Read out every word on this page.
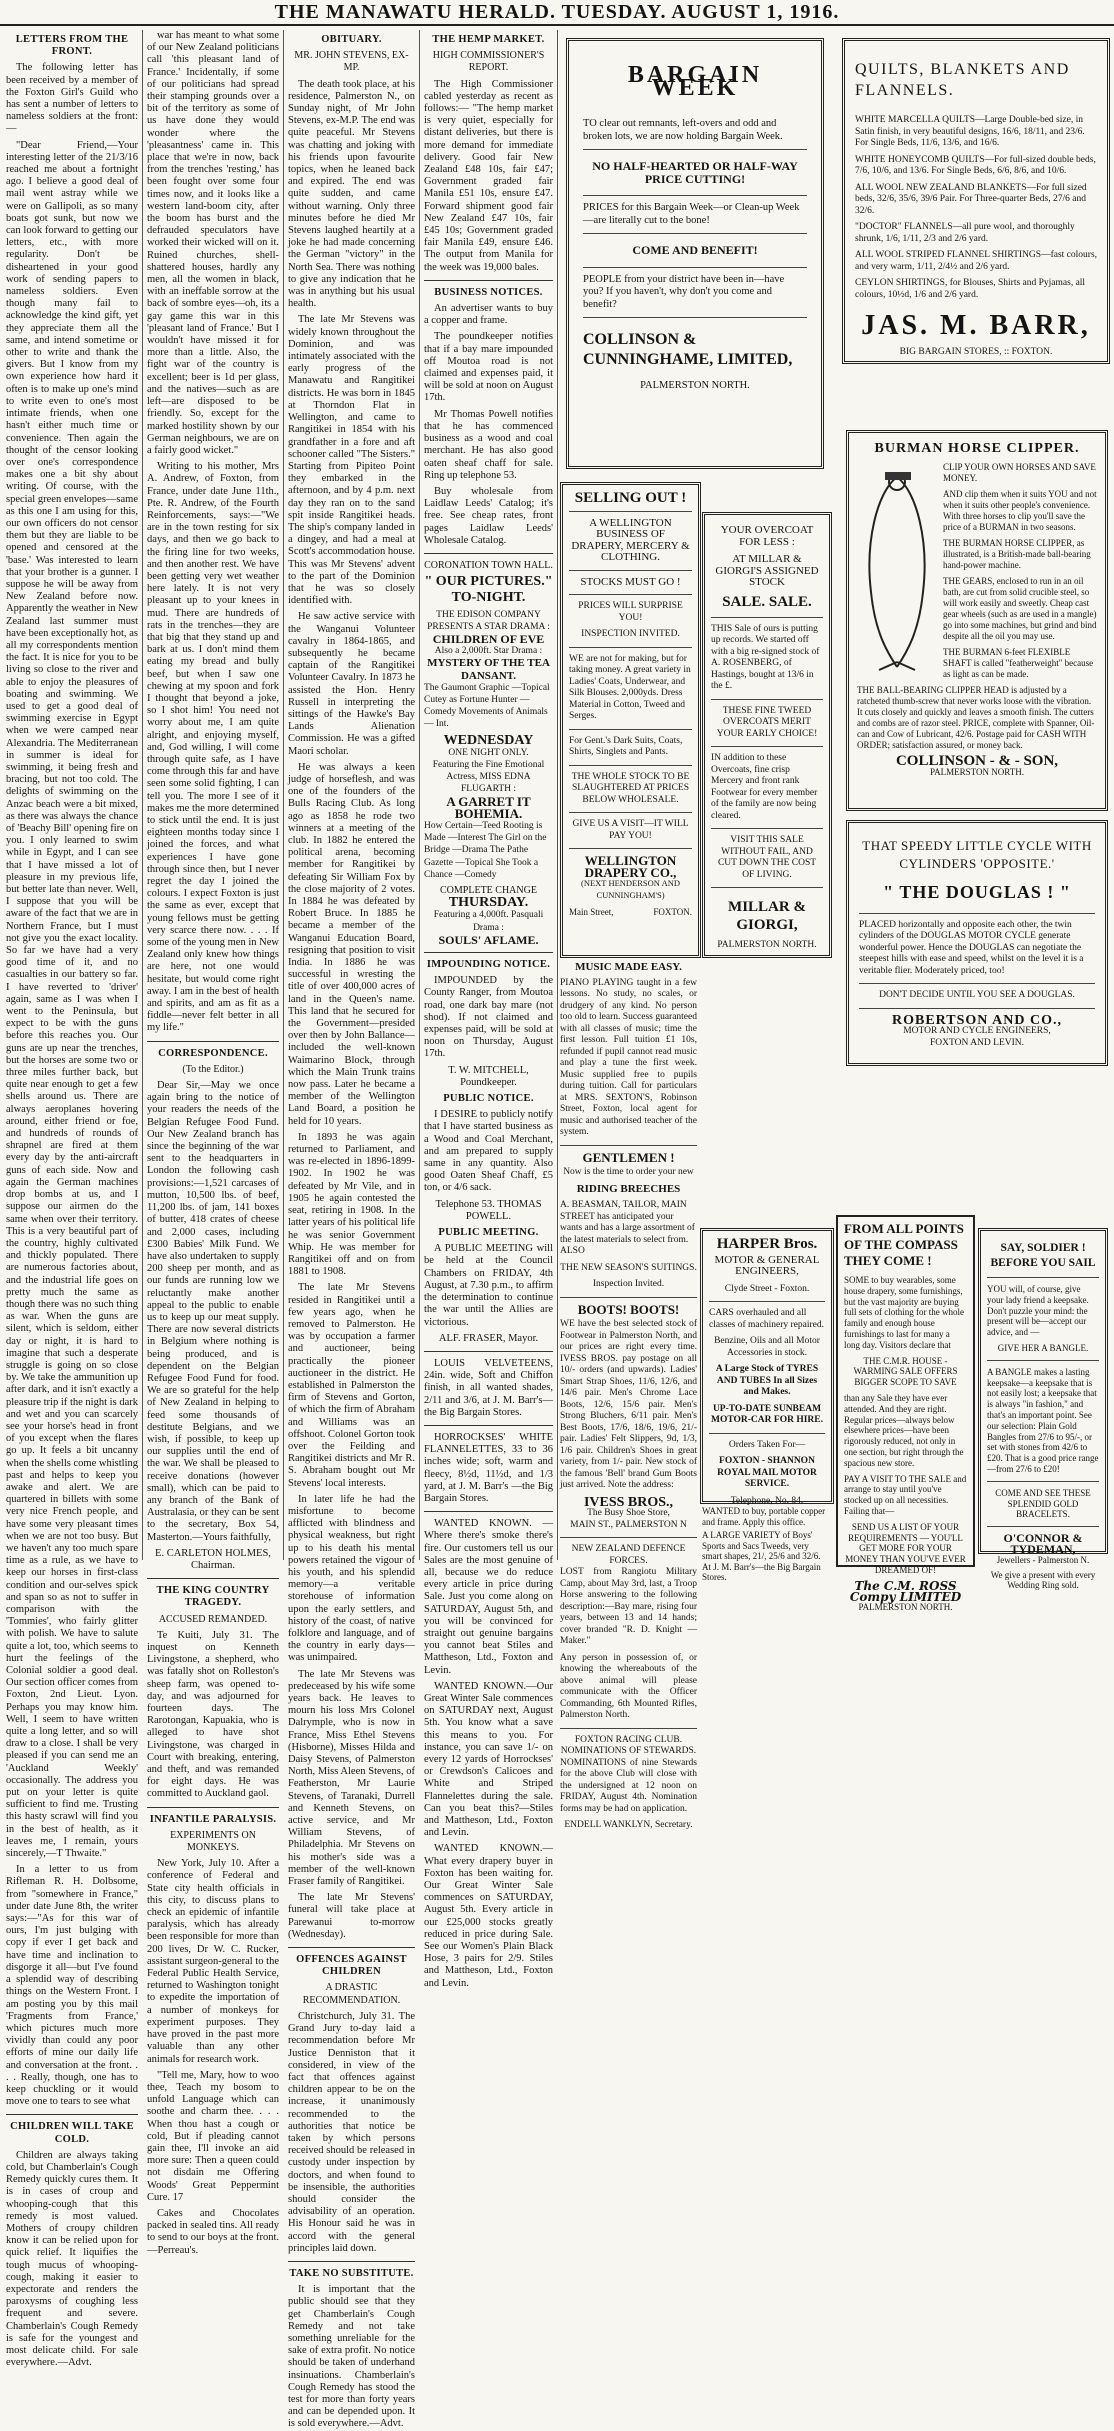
THE MANAWATU HERALD. TUESDAY. AUGUST 1, 1916.
LETTERS FROM THE FRONT.

The following letter has been received by a member of the Foxton Girl's Guild who has sent a number of letters to nameless soldiers at the front:—

"Dear Friend,—Your interesting letter of the 21/3/16 reached me about a fortnight ago. I believe a good deal of mail went astray while we were on Gallipoli, as so many boats got sunk, but now we can look forward to getting our letters, etc., with more regularity. Don't be disheartened in your good work of sending papers to nameless soldiers. Even though many fail to acknowledge the kind gift, yet they appreciate them all the same, and intend sometime or other to write and thank the givers. But I know from my own experience how hard it often is to make up one's mind to write even to one's most intimate friends, when one hasn't either much time or convenience. Then again the thought of the censor looking over one's correspondence makes one a bit shy about writing. Of course, with the special green envelopes—same as this one I am using for this, our own officers do not censor them but they are liable to be opened and censored at the 'base.' Was interested to learn that your brother is a gunner. I suppose he will be away from New Zealand before now. Apparently the weather in New Zealand last summer must have been exceptionally hot, as all my correspondents mention the fact. It is nice for you to be living so close to the river and able to enjoy the pleasures of boating and swimming. We used to get a good deal of swimming exercise in Egypt when we were camped near Alexandria. The Mediterranean in summer is ideal for swimming, it being fresh and bracing, but not too cold. The delights of swimming on the Anzac beach were a bit mixed, as there was always the chance of 'Beachy Bill' opening fire on you. I only learned to swim while in Egypt, and I can see that I have missed a lot of pleasure in my previous life, but better late than never. Well, I suppose that you will be aware of the fact that we are in Northern France, but I must not give you the exact locality. So far we have had a very good time of it, and no casualties in our battery so far. I have reverted to 'driver' again, same as I was when I went to the Peninsula, but expect to be with the guns before this reaches you. Our guns are up near the trenches, but the horses are some two or three miles further back, but quite near enough to get a few shells around us. There are always aeroplanes hovering around, either friend or foe, and hundreds of rounds of shrapnel are fired at them every day by the anti-aircraft guns of each side. Now and again the German machines drop bombs at us, and I suppose our airmen do the same when over their territory. This is a very beautiful part of the country, highly cultivated and thickly populated. There are numerous factories about, and the industrial life goes on pretty much the same as though there was no such thing as war. When the guns are silent, which is seldom, either day or night, it is hard to imagine that such a desperate struggle is going on so close by. We take the ammunition up after dark, and it isn't exactly a pleasure trip if the night is dark and wet and you can scarcely see your horse's head in front of you except when the flares go up. It feels a bit uncanny when the shells come whistling past and helps to keep you awake and alert. We are quartered in billets with some very nice French people, and have some very pleasant times when we are not too busy. But we haven't any too much spare time as a rule, as we have to keep our horses in first-class condition and our-selves spick and span so as not to suffer in comparison with the 'Tommies', who fairly glitter with polish. We have to salute quite a lot, too, which seems to hurt the feelings of the Colonial soldier a good deal. Our section officer comes from Foxton, 2nd Lieut. Lyon. Perhaps you may know him. Well, I seem to have written quite a long letter, and so will draw to a close. I shall be very pleased if you can send me an 'Auckland Weekly' occasionally. The address you put on your letter is quite sufficient to find me. Trusting this hasty scrawl will find you in the best of health, as it leaves me, I remain, yours sincerely,—T Thwaite."

In a letter to us from Rifleman R. H. Dolbsome, from "somewhere in France," under date June 8th, the writer says:—"As for this war of ours, I'm just bulging with copy if ever I get back and have time and inclination to disgorge it all—but I've found a splendid way of describing things on the Western Front. I am posting you by this mail 'Fragments from France,' which pictures much more vividly than could any poor efforts of mine our daily life and conversation at the front. . . . Really, though, one has to keep chuckling or it would move one to tears to see what

CHILDREN WILL TAKE COLD.

Children are always taking cold, but Chamberlain's Cough Remedy quickly cures them. It is in cases of croup and whooping-cough that this remedy is most valued. Mothers of croupy children know it can be relied upon for quick relief. It liquifies the tough mucus of whooping-cough, making it easier to expectorate and renders the paroxysms of coughing less frequent and severe. Chamberlain's Cough Remedy is safe for the youngest and most delicate child. For sale everywhere.—Advt.

war has meant to what some of our New Zealand politicians call 'this pleasant land of France.' Incidentally, if some of our politicians had spread their stamping grounds over a bit of the territory as some of us have done they would wonder where the 'pleasantness' came in. This place that we're in now, back from the trenches 'resting,' has been fought over some four times now, and it looks like a western land-boom city, after the boom has burst and the defrauded speculators have worked their wicked will on it. Ruined churches, shell-shattered houses, hardly any men, all the women in black, with an ineffable sorrow at the back of sombre eyes—oh, its a gay game this war in this 'pleasant land of France.' But I wouldn't have missed it for more than a little. Also, the fight war of the country is excellent; beer is 1d per glass, and the natives—such as are left—are disposed to be friendly. So, except for the marked hostility shown by our German neighbours, we are on a fairly good wicket."

Writing to his mother, Mrs A. Andrew, of Foxton, from France, under date June 11th., Pte. R. Andrew, of the Fourth Reinforcements, says:—"We are in the town resting for six days, and then we go back to the firing line for two weeks, and then another rest. We have been getting very wet weather here lately. It is not very pleasant up to your knees in mud. There are hundreds of rats in the trenches—they are that big that they stand up and bark at us. I don't mind them eating my bread and bully beef, but when I saw one chewing at my spoon and fork I thought that beyond a joke, so I shot him! You need not worry about me, I am quite alright, and enjoying myself, and, God willing, I will come through quite safe, as I have come through this far and have seen some solid fighting, I can tell you. The more I see of it makes me the more determined to stick until the end. It is just eighteen months today since I joined the forces, and what experiences I have gone through since then, but I never regret the day I joined the colours. I expect Foxton is just the same as ever, except that young fellows must be getting very scarce there now. . . . If some of the young men in New Zealand only knew how things are here, not one would hesitate, but would come right away. I am in the best of health and spirits, and am as fit as a fiddle—never felt better in all my life."

CORRESPONDENCE.
(To the Editor.)

Dear Sir,—May we once again bring to the notice of your readers the needs of the Belgian Refugee Food Fund. Our New Zealand branch has since the beginning of the war sent to the headquarters in London the following cash provisions:—1,521 carcases of mutton, 10,500 lbs. of beef, 11,200 lbs. of jam, 141 boxes of butter, 418 crates of cheese and 2,000 cases, including £300 Babies' Milk Fund. We have also undertaken to supply 200 sheep per month, and as our funds are running low we reluctantly make another appeal to the public to enable us to keep up our meat supply. There are now several districts in Belgium where nothing is being produced, and is dependent on the Belgian Refugee Food Fund for food. We are so grateful for the help of New Zealand in helping to feed some thousands of destitute Belgians, and we wish, if possible, to keep up our supplies until the end of the war. We shall be pleased to receive donations (however small), which can be paid to any branch of the Bank of Australasia, or they can be sent to the secretary, Box 54, Masterton.—Yours faithfully,

E. CARLETON HOLMES, Chairman.
THE KING COUNTRY TRAGEDY.
ACCUSED REMANDED.

Te Kuiti, July 31. The inquest on Kenneth Livingstone, a shepherd, who was fatally shot on Rolleston's sheep farm, was opened to-day, and was adjourned for fourteen days. The Rarotongan, Kapuakia, who is alleged to have shot Livingstone, was charged in Court with breaking, entering, and theft, and was remanded for eight days. He was committed to Auckland gaol.

INFANTILE PARALYSIS.
EXPERIMENTS ON MONKEYS.

New York, July 10. After a conference of Federal and State city health officials in this city, to discuss plans to check an epidemic of infantile paralysis, which has already been responsible for more than 200 lives, Dr W. C. Rucker, assistant surgeon-general to the Federal Public Health Service, returned to Washington tonight to expedite the importation of a number of monkeys for experiment purposes. They have proved in the past more valuable than any other animals for research work.

"Tell me, Mary, how to woo thee, Teach my bosom to unfold Language which can soothe and charm thee. . . . When thou hast a cough or cold, But if pleading cannot gain thee, I'll invoke an aid more sure: Then a queen could not disdain me Offering Woods' Great Peppermint Cure. 17

Cakes and Chocolates packed in sealed tins. All ready to send to our boys at the front.—Perreau's.

OBITUARY.
MR. JOHN STEVENS, EX-MP.

The death took place, at his residence, Palmerston N., on Sunday night, of Mr John Stevens, ex-M.P. The end was quite peaceful. Mr Stevens was chatting and joking with his friends upon favourite topics, when he leaned back and expired. The end was quite sudden, and came without warning. Only three minutes before he died Mr Stevens laughed heartily at a joke he had made concerning the German "victory" in the North Sea. There was nothing to give any indication that he was in anything but his usual health.

The late Mr Stevens was widely known throughout the Dominion, and was intimately associated with the early progress of the Manawatu and Rangitikei districts. He was born in 1845 at Thorndon Flat in Wellington, and came to Rangitikei in 1854 with his grandfather in a fore and aft schooner called "The Sisters." Starting from Pipiteo Point they embarked in the afternoon, and by 4 p.m. next day they ran on to the sand spit inside Rangitikei heads. The ship's company landed in a dingey, and had a meal at Scott's accommodation house. This was Mr Stevens' advent to the part of the Dominion that he was so closely identified with.

He saw active service with the Wanganui Volunteer cavalry in 1864-1865, and subsequently he became captain of the Rangitikei Volunteer Cavalry. In 1873 he assisted the Hon. Henry Russell in interpreting the sittings of the Hawke's Bay Lands Alienation Commission. He was a gifted Maori scholar.

He was always a keen judge of horseflesh, and was one of the founders of the Bulls Racing Club. As long ago as 1858 he rode two winners at a meeting of the club. In 1882 he entered the political arena, becoming member for Rangitikei by defeating Sir William Fox by the close majority of 2 votes. In 1884 he was defeated by Robert Bruce. In 1885 he became a member of the Wanganui Education Board, resigning that position to visit India. In 1886 he was successful in wresting the title of over 400,000 acres of land in the Queen's name. This land that he secured for the Government—presided over then by John Ballance—included the well-known Waimarino Block, through which the Main Trunk trains now pass. Later he became a member of the Wellington Land Board, a position he held for 10 years.

In 1893 he was again returned to Parliament, and was re-elected in 1896-1899-1902. In 1902 he was defeated by Mr Vile, and in 1905 he again contested the seat, retiring in 1908. In the latter years of his political life he was senior Government Whip. He was member for Rangitikei off and on from 1881 to 1908.

The late Mr Stevens resided in Rangitikei until a few years ago, when he removed to Palmerston. He was by occupation a farmer and auctioneer, being practically the pioneer auctioneer in the district. He established in Palmerston the firm of Stevens and Gorton, of which the firm of Abraham and Williams was an offshoot. Colonel Gorton took over the Feilding and Rangitikei districts and Mr R. S. Abraham bought out Mr Stevens' local interests.

In later life he had the misfortune to become afflicted with blindness and physical weakness, but right up to his death his mental powers retained the vigour of his youth, and his splendid memory—a veritable storehouse of information upon the early settlers, and history of the coast, of native folklore and language, and of the country in early days—was unimpaired.

The late Mr Stevens was predeceased by his wife some years back. He leaves to mourn his loss Mrs Colonel Dalrymple, who is now in France, Miss Ethel Stevens (Hisborne), Misses Hilda and Daisy Stevens, of Palmerston North, Miss Aleen Stevens, of Featherston, Mr Laurie Stevens, of Taranaki, Durrell and Kenneth Stevens, on active service, and Mr William Stevens, of Philadelphia. Mr Stevens on his mother's side was a member of the well-known Fraser family of Rangitikei.

The late Mr Stevens' funeral will take place at Parewanui to-morrow (Wednesday).

OFFENCES AGAINST CHILDREN
A DRASTIC RECOMMENDATION.

Christchurch, July 31. The Grand Jury to-day laid a recommendation before Mr Justice Denniston that it considered, in view of the fact that offences against children appear to be on the increase, it unanimously recommended to the authorities that notice be taken by which persons received should be released in custody under inspection by doctors, and when found to be insensible, the authorities should consider the advisability of an operation. His Honour said he was in accord with the general principles laid down.

TAKE NO SUBSTITUTE.

It is important that the public should see that they get Chamberlain's Cough Remedy and not take something unreliable for the sake of extra profit. No notice should be taken of underhand insinuations. Chamberlain's Cough Remedy has stood the test for more than forty years and can be depended upon. It is sold everywhere.—Advt.

THE HEMP MARKET.
HIGH COMMISSIONER'S REPORT.

The High Commissioner cabled yesterday as recent as follows:— "The hemp market is very quiet, especially for distant deliveries, but there is more demand for immediate delivery. Good fair New Zealand £48 10s, fair £47; Government graded fair Manila £51 10s, ensure £47. Forward shipment good fair New Zealand £47 10s, fair £45 10s; Government graded fair Manila £49, ensure £46. The output from Manila for the week was 19,000 bales.

BUSINESS NOTICES.

An advertiser wants to buy a copper and frame.

The poundkeeper notifies that if a bay mare impounded off Moutoa road is not claimed and expenses paid, it will be sold at noon on August 17th.

Mr Thomas Powell notifies that he has commenced business as a wood and coal merchant. He has also good oaten sheaf chaff for sale. Ring up telephone 53.

Buy wholesale from Laidlaw Leeds' Catalog; it's free. See cheap rates, front pages Laidlaw Leeds' Wholesale Catalog.

CORONATION TOWN HALL.
" OUR PICTURES."
TO-NIGHT.
THE EDISON COMPANY PRESENTS A STAR DRAMA :
CHILDREN OF EVE
Also a 2,000ft. Star Drama :
MYSTERY OF THE TEA DANSANT.
The Gaumont Graphic —Topical Cutey as Fortune Hunter —Comedy Movements of Animals— Int.
WEDNESDAY
ONE NIGHT ONLY.
Featuring the Fine Emotional Actress, MISS EDNA FLUGARTH :
A GARRET IT BOHEMIA.
How Certain—Teed Rooting is Made —Interest The Girl on the Bridge —Drama The Pathe Gazette —Topical She Took a Chance —Comedy
COMPLETE CHANGE
THURSDAY.
Featuring a 4,000ft. Pasquali Drama :
SOULS' AFLAME.
IMPOUNDING NOTICE.

IMPOUNDED by the County Ranger, from Moutoa road, one dark bay mare (not shod). If not claimed and expenses paid, will be sold at noon on Thursday, August 17th.

T. W. MITCHELL, Poundkeeper.
PUBLIC NOTICE.

I DESIRE to publicly notify that I have started business as a Wood and Coal Merchant, and am prepared to supply same in any quantity. Also good Oaten Sheaf Chaff, £5 ton, or 4/6 sack.

Telephone 53. THOMAS POWELL.
PUBLIC MEETING.

A PUBLIC MEETING will be held at the Council Chambers on FRIDAY, 4th August, at 7.30 p.m., to affirm the determination to continue the war until the Allies are victorious.

ALF. FRASER, Mayor.

LOUIS VELVETEENS, 24in. wide, Soft and Chiffon finish, in all wanted shades, 2/11 and 3/6, at J. M. Barr's—the Big Bargain Stores.

HORROCKSES' WHITE FLANNELETTES, 33 to 36 inches wide; soft, warm and fleecy, 8½d, 11½d, and 1/3 yard, at J. M. Barr's —the Big Bargain Stores.

WANTED KNOWN. — Where there's smoke there's fire. Our customers tell us our Sales are the most genuine of all, because we do reduce every article in price during Sale. Just you come along on SATURDAY, August 5th, and you will be convinced for straight out genuine bargains you cannot beat Stiles and Mattheson, Ltd., Foxton and Levin.

WANTED KNOWN.—Our Great Winter Sale commences on SATURDAY next, August 5th. You know what a save this means to you. For instance, you can save 1/- on every 12 yards of Horrockses' or Crewdson's Calicoes and White and Striped Flannelettes during the sale. Can you beat this?—Stiles and Mattheson, Ltd., Foxton and Levin.

WANTED KNOWN.—What every drapery buyer in Foxton has been waiting for. Our Great Winter Sale commences on SATURDAY, August 5th. Every article in our £25,000 stocks greatly reduced in price during Sale. See our Women's Plain Black Hose, 3 pairs for 2/9. Stiles and Mattheson, Ltd., Foxton and Levin.

BARGAIN WEEK

TO clear out remnants, left-overs and odd and broken lots, we are now holding Bargain Week.

NO HALF-HEARTED OR HALF-WAY PRICE CUTTING!

PRICES for this Bargain Week—or Clean-up Week—are literally cut to the bone!

COME AND BENEFIT!

PEOPLE from your district have been in—have you? If you haven't, why don't you come and benefit?

COLLINSON & CUNNINGHAME, LIMITED,
PALMERSTON NORTH.
QUILTS, BLANKETS AND FLANNELS.

WHITE MARCELLA QUILTS—Large Double-bed size, in Satin finish, in very beautiful designs, 16/6, 18/11, and 23/6. For Single Beds, 11/6, 13/6, and 16/6.

WHITE HONEYCOMB QUILTS—For full-sized double beds, 7/6, 10/6, and 13/6. For Single Beds, 6/6, 8/6, and 10/6.

ALL WOOL NEW ZEALAND BLANKETS—For full sized beds, 32/6, 35/6, 39/6 Pair. For Three-quarter Beds, 27/6 and 32/6.

"DOCTOR" FLANNELS—all pure wool, and thoroughly shrunk, 1/6, 1/11, 2/3 and 2/6 yard.

ALL WOOL STRIPED FLANNEL SHIRTINGS—fast colours, and very warm, 1/11, 2/4½ and 2/6 yard.

CEYLON SHIRTINGS, for Blouses, Shirts and Pyjamas, all colours, 10½d, 1/6 and 2/6 yard.

JAS. M. BARR,
BIG BARGAIN STORES, :: FOXTON.
BURMAN HORSE CLIPPER.

CLIP YOUR OWN HORSES AND SAVE MONEY.

AND clip them when it suits YOU and not when it suits other people's convenience. With three horses to clip you'll save the price of a BURMAN in two seasons.

THE BURMAN HORSE CLIPPER, as illustrated, is a British-made ball-bearing hand-power machine.

THE GEARS, enclosed to run in an oil bath, are cut from solid crucible steel, so will work easily and sweetly. Cheap cast gear wheels (such as are used in a mangle) go into some machines, but grind and bind despite all the oil you may use.

THE BURMAN 6-feet FLEXIBLE SHAFT is called "featherweight" because as light as can be made.

THE BALL-BEARING CLIPPER HEAD is adjusted by a ratcheted thumb-screw that never works loose with the vibration. It cuts closely and quickly and leaves a smooth finish. The cutters and combs are of razor steel. PRICE, complete with Spanner, Oil-can and Cow of Lubricant, 42/6. Postage paid for CASH WITH ORDER; satisfaction assured, or money back.

COLLINSON - & - SON,
PALMERSTON NORTH.
SELLING OUT !

A WELLINGTON BUSINESS OF DRAPERY, MERCERY & CLOTHING.

STOCKS MUST GO !

PRICES WILL SURPRISE YOU!

INSPECTION INVITED.

WE are not for making, but for taking money. A great variety in Ladies' Coats, Underwear, and Silk Blouses. 2,000yds. Dress Material in Cotton, Tweed and Serges.

For Gent.'s Dark Suits, Coats, Shirts, Singlets and Pants.

THE WHOLE STOCK TO BE SLAUGHTERED AT PRICES BELOW WHOLESALE.

GIVE US A VISIT—IT WILL PAY YOU!

WELLINGTON DRAPERY CO.,
(NEXT HENDERSON AND CUNNINGHAM'S)
Main Street,	FOXTON.
YOUR OVERCOAT FOR LESS :

AT MILLAR & GIORGI'S ASSIGNED STOCK

SALE. SALE.

THIS Sale of ours is putting up records. We started off with a big re-signed stock of A. ROSENBERG, of Hastings, bought at 13/6 in the £.

THESE FINE TWEED OVERCOATS MERIT YOUR EARLY CHOICE!

IN addition to these Overcoats, fine crisp Mercery and front rank Footwear for every member of the family are now being cleared.

VISIT THIS SALE WITHOUT FAIL, AND CUT DOWN THE COST OF LIVING.

MILLAR & GIORGI,
PALMERSTON NORTH.
THAT SPEEDY LITTLE CYCLE WITH CYLINDERS 'OPPOSITE.'
" THE DOUGLAS ! "

PLACED horizontally and opposite each other, the twin cylinders of the DOUGLAS MOTOR CYCLE generate wonderful power. Hence the DOUGLAS can negotiate the steepest hills with ease and speed, whilst on the level it is a veritable flier. Moderately priced, too!

DON'T DECIDE UNTIL YOU SEE A DOUGLAS.

ROBERTSON AND CO.,
MOTOR AND CYCLE ENGINEERS,
FOXTON AND LEVIN.
MUSIC MADE EASY.

PIANO PLAYING taught in a few lessons. No study, no scales, or drudgery of any kind. No person too old to learn. Success guaranteed with all classes of music; time the first lesson. Full tuition £1 10s, refunded if pupil cannot read music and play a tune the first week. Music supplied free to pupils during tuition. Call for particulars at MRS. SEXTON'S, Robinson Street, Foxton, local agent for music and authorised teacher of the system.

GENTLEMEN !

Now is the time to order your new

RIDING BREECHES

A. BEASMAN, TAILOR, MAIN STREET has anticipated your wants and has a large assortment of the latest materials to select from. ALSO

THE NEW SEASON'S SUITINGS.

Inspection Invited.

BOOTS! BOOTS!

WE have the best selected stock of Footwear in Palmerston North, and our prices are right every time. IVESS BROS. pay postage on all 10/- orders (and upwards). Ladies' Smart Strap Shoes, 11/6, 12/6, and 14/6 pair. Men's Chrome Lace Boots, 12/6, 15/6 pair. Men's Strong Bluchers, 6/11 pair. Men's Best Boots, 17/6, 18/6, 19/6, 21/- pair. Ladies' Felt Slippers, 9d, 1/3, 1/6 pair. Children's Shoes in great variety, from 1/- pair. New stock of the famous 'Bell' brand Gum Boots just arrived. Note the address:

IVESS BROS.,
The Busy Shoe Store,
MAIN ST., PALMERSTON N
NEW ZEALAND DEFENCE FORCES.

LOST from Rangiotu Military Camp, about May 3rd, last, a Troop Horse answering to the following description:—Bay mare, rising four years, between 13 and 14 hands; cover branded "R. D. Knight —Maker."

Any person in possession of, or knowing the whereabouts of the above animal will please communicate with the Officer Commanding, 6th Mounted Rifles, Palmerston North.

FOXTON RACING CLUB.
NOMINATIONS OF STEWARDS.

NOMINATIONS of nine Stewards for the above Club will close with the undersigned at 12 noon on FRIDAY, August 4th. Nomination forms may be had on application.

ENDELL WANKLYN, Secretary.
HARPER Bros.
MOTOR & GENERAL ENGINEERS,
Clyde Street - Foxton.

CARS overhauled and all classes of machinery repaired.

Benzine, Oils and all Motor Accessories in stock.

A Large Stock of TYRES AND TUBES In all Sizes and Makes.

UP-TO-DATE SUNBEAM MOTOR-CAR FOR HIRE.

Orders Taken For—

FOXTON - SHANNON ROYAL MAIL MOTOR SERVICE.

Telephone, No. 84.

WANTED to buy, portable copper and frame. Apply this office.

A LARGE VARIETY of Boys' Sports and Sacs Tweeds, very smart shapes, 21/, 25/6 and 32/6. At J. M. Barr's—the Big Bargain Stores.

FROM ALL POINTS OF THE COMPASS THEY COME !

SOME to buy wearables, some house drapery, some furnishings, but the vast majority are buying full sets of clothing for the whole family and enough house furnishings to last for many a long day. Visitors declare that

THE C.M.R. HOUSE - WARMING SALE OFFERS BIGGER SCOPE TO SAVE

than any Sale they have ever attended. And they are right. Regular prices—always below elsewhere prices—have been rigorously reduced, not only in one section, but right through the spacious new store.

PAY A VISIT TO THE SALE and arrange to stay until you've stocked up on all necessities. Failing that—

SEND US A LIST OF YOUR REQUIREMENTS — YOU'LL GET MORE FOR YOUR MONEY THAN YOU'VE EVER DREAMED OF!

The C.M. ROSS Compy LIMITED
PALMERSTON NORTH.
SAY, SOLDIER ! BEFORE YOU SAIL

YOU will, of course, give your lady friend a keepsake. Don't puzzle your mind: the present will be—accept our advice, and —

GIVE HER A BANGLE.

A BANGLE makes a lasting keepsake—a keepsake that is not easily lost; a keepsake that is always "in fashion," and that's an important point. See our selection: Plain Gold Bangles from 27/6 to 95/-, or set with stones from 42/6 to £20. That is a good price range—from 27/6 to £20!

COME AND SEE THESE SPLENDID GOLD BRACELETS.

O'CONNOR & TYDEMAN,
Jewellers - Palmerston N.

We give a present with every Wedding Ring sold.
